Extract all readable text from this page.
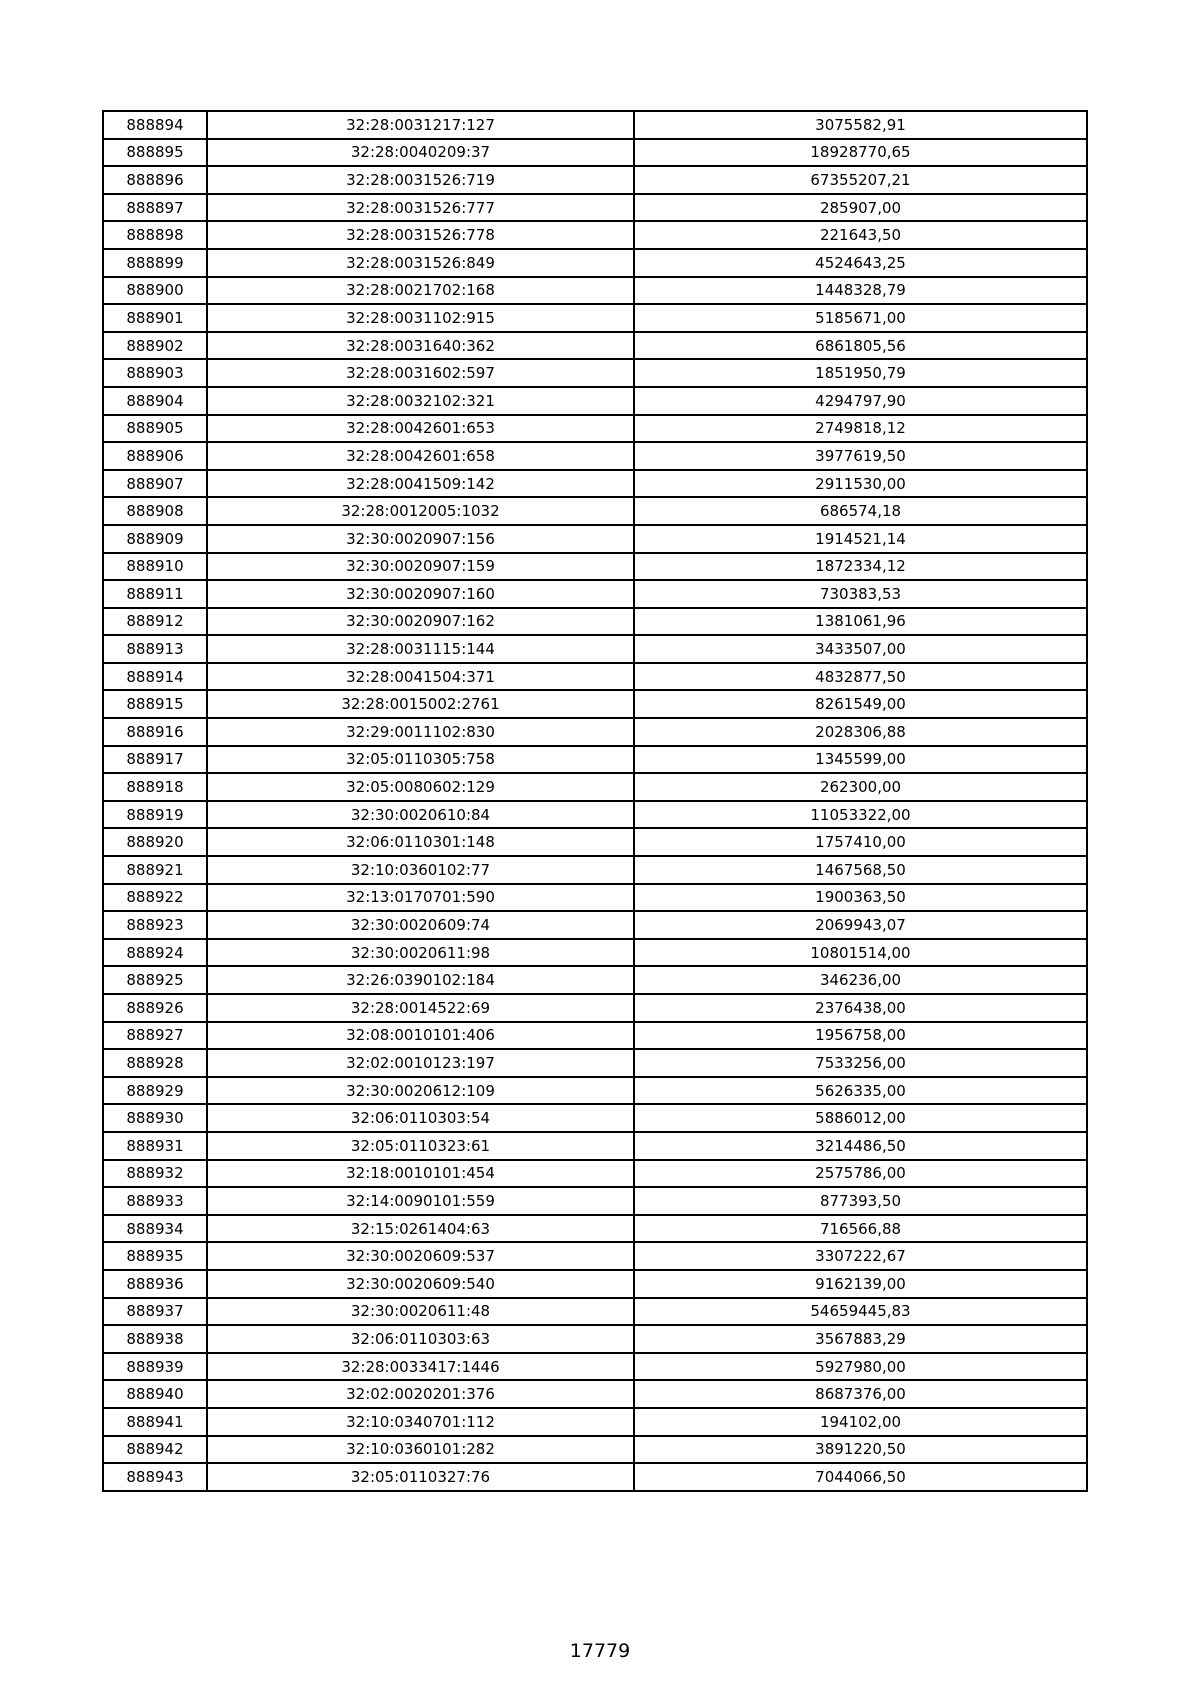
888894	32:28:0031217:127	3075582,91
888895	32:28:0040209:37	18928770,65
888896	32:28:0031526:719	67355207,21
888897	32:28:0031526:777	285907,00
888898	32:28:0031526:778	221643,50
888899	32:28:0031526:849	4524643,25
888900	32:28:0021702:168	1448328,79
888901	32:28:0031102:915	5185671,00
888902	32:28:0031640:362	6861805,56
888903	32:28:0031602:597	1851950,79
888904	32:28:0032102:321	4294797,90
888905	32:28:0042601:653	2749818,12
888906	32:28:0042601:658	3977619,50
888907	32:28:0041509:142	2911530,00
888908	32:28:0012005:1032	686574,18
888909	32:30:0020907:156	1914521,14
888910	32:30:0020907:159	1872334,12
888911	32:30:0020907:160	730383,53
888912	32:30:0020907:162	1381061,96
888913	32:28:0031115:144	3433507,00
888914	32:28:0041504:371	4832877,50
888915	32:28:0015002:2761	8261549,00
888916	32:29:0011102:830	2028306,88
888917	32:05:0110305:758	1345599,00
888918	32:05:0080602:129	262300,00
888919	32:30:0020610:84	11053322,00
888920	32:06:0110301:148	1757410,00
888921	32:10:0360102:77	1467568,50
888922	32:13:0170701:590	1900363,50
888923	32:30:0020609:74	2069943,07
888924	32:30:0020611:98	10801514,00
888925	32:26:0390102:184	346236,00
888926	32:28:0014522:69	2376438,00
888927	32:08:0010101:406	1956758,00
888928	32:02:0010123:197	7533256,00
888929	32:30:0020612:109	5626335,00
888930	32:06:0110303:54	5886012,00
888931	32:05:0110323:61	3214486,50
888932	32:18:0010101:454	2575786,00
888933	32:14:0090101:559	877393,50
888934	32:15:0261404:63	716566,88
888935	32:30:0020609:537	3307222,67
888936	32:30:0020609:540	9162139,00
888937	32:30:0020611:48	54659445,83
888938	32:06:0110303:63	3567883,29
888939	32:28:0033417:1446	5927980,00
888940	32:02:0020201:376	8687376,00
888941	32:10:0340701:112	194102,00
888942	32:10:0360101:282	3891220,50
888943	32:05:0110327:76	7044066,50
17779
